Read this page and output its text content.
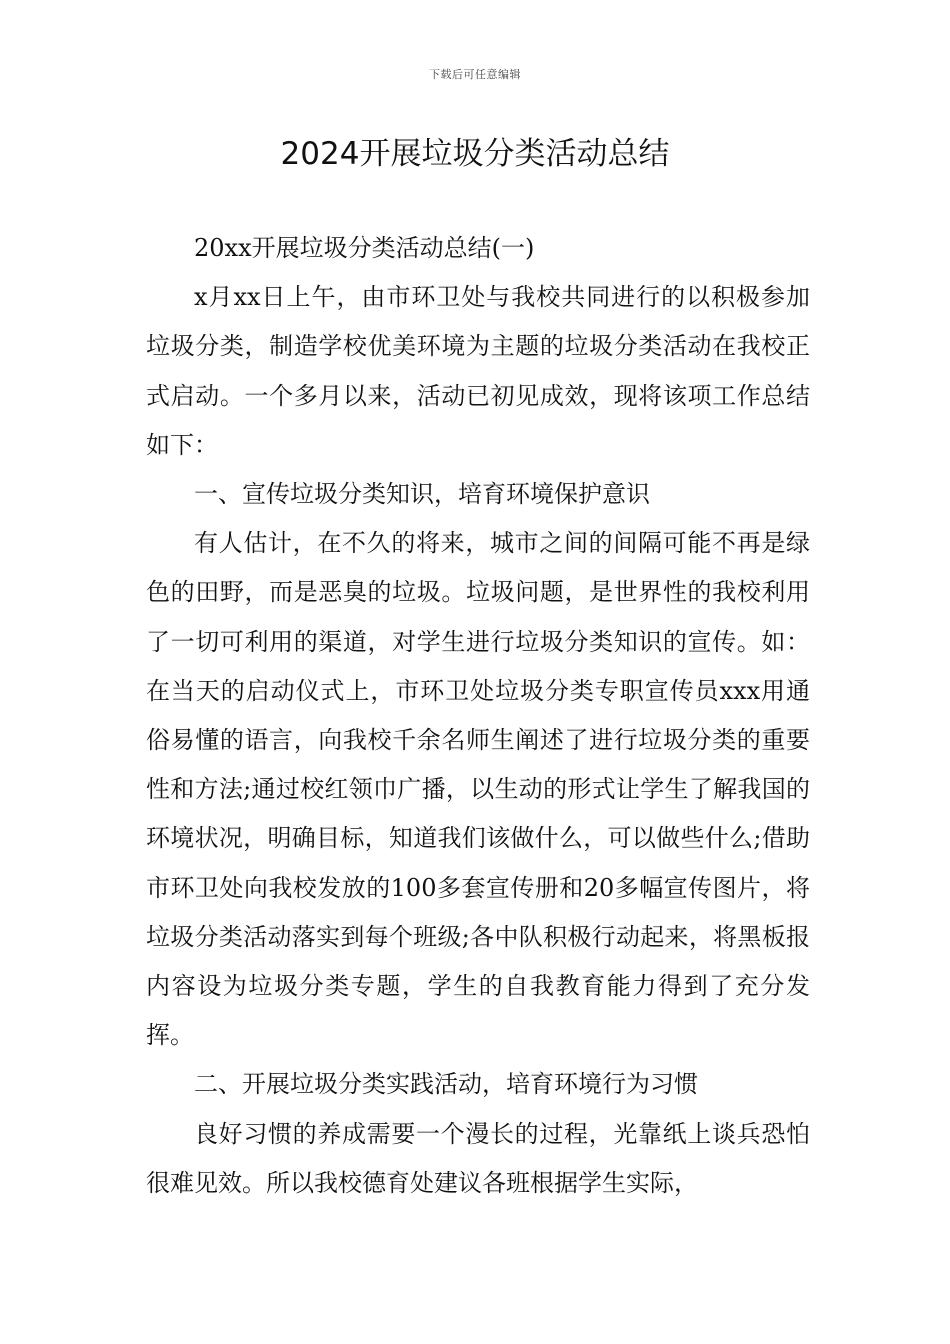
下载后可任意编辑
2024开展垃圾分类活动总结

20xx开展垃圾分类活动总结(一)

x月xx日上午，由市环卫处与我校共同进行的以积极参加垃圾分类，制造学校优美环境为主题的垃圾分类活动在我校正式启动。一个多月以来，活动已初见成效，现将该项工作总结如下：

一、宣传垃圾分类知识，培育环境保护意识

有人估计，在不久的将来，城市之间的间隔可能不再是绿色的田野，而是恶臭的垃圾。垃圾问题，是世界性的我校利用了一切可利用的渠道，对学生进行垃圾分类知识的宣传。如：在当天的启动仪式上，市环卫处垃圾分类专职宣传员xxx用通俗易懂的语言，向我校千余名师生阐述了进行垃圾分类的重要性和方法;通过校红领巾广播，以生动的形式让学生了解我国的环境状况，明确目标，知道我们该做什么，可以做些什么;借助市环卫处向我校发放的100多套宣传册和20多幅宣传图片，将垃圾分类活动落实到每个班级;各中队积极行动起来，将黑板报内容设为垃圾分类专题，学生的自我教育能力得到了充分发挥。

二、开展垃圾分类实践活动，培育环境行为习惯

良好习惯的养成需要一个漫长的过程，光靠纸上谈兵恐怕很难见效。所以我校德育处建议各班根据学生实际，
